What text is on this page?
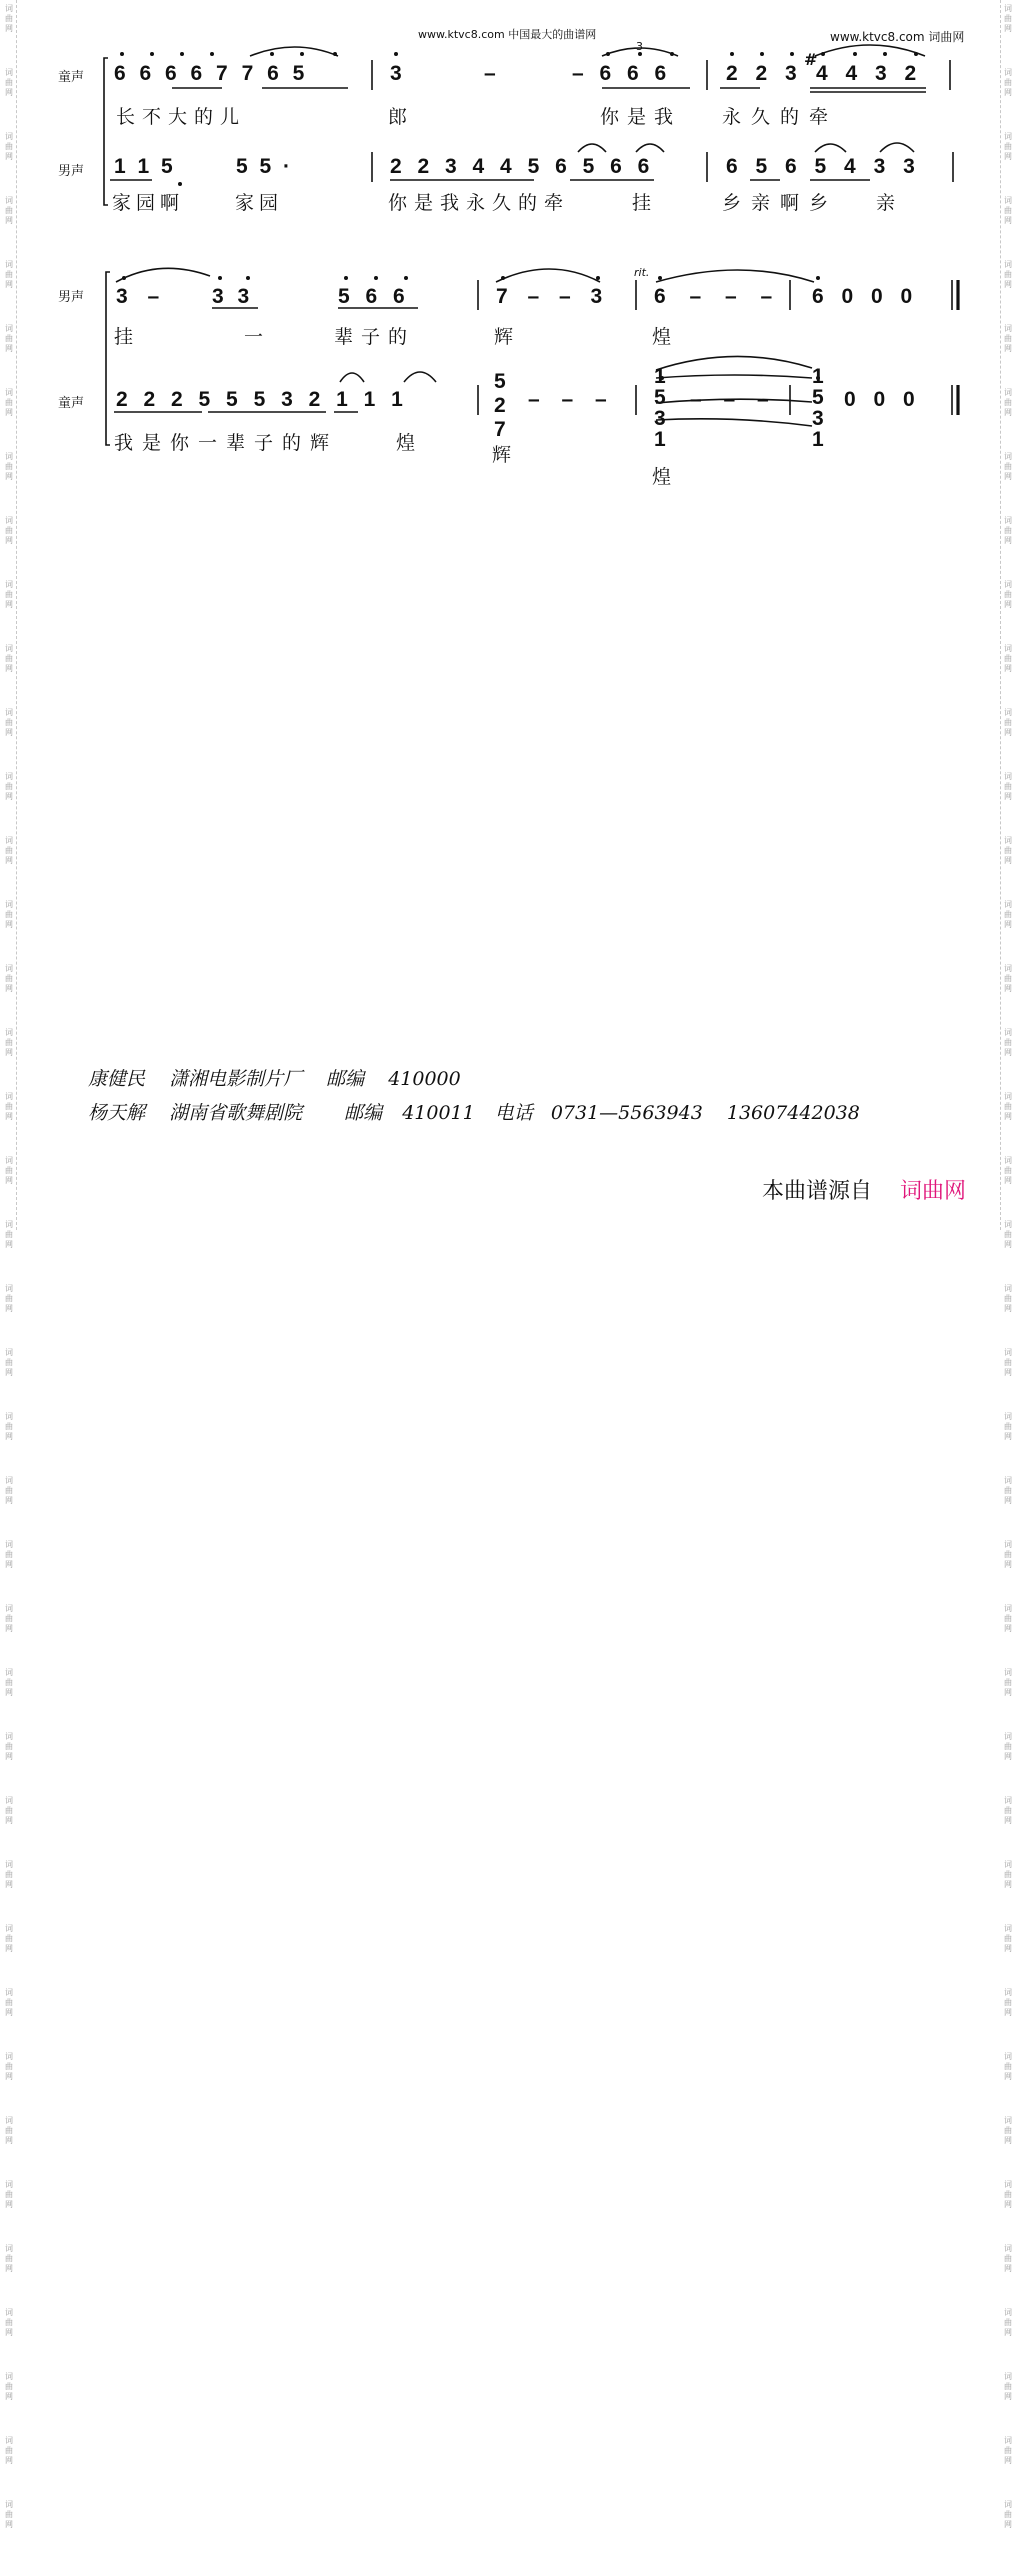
词
曲
网
词
曲
网
词
曲
网
词
曲
网
词
曲
网
词
曲
网
词
曲
网
词
曲
网
词
曲
网
词
曲
网
词
曲
网
词
曲
网
词
曲
网
词
曲
网
词
曲
网
词
曲
网
词
曲
网
词
曲
网
词
曲
网
词
曲
网
词
曲
网
词
曲
网
词
曲
网
词
曲
网
词
曲
网
词
曲
网
词
曲
网
词
曲
网
词
曲
网
词
曲
网
词
曲
网
词
曲
网
词
曲
网
词
曲
网
词
曲
网
词
曲
网
词
曲
网
词
曲
网
词
曲
网
词
曲
网
词
曲
网
词
曲
网
词
曲
网
词
曲
网
词
曲
网
词
曲
网
词
曲
网
词
曲
网
词
曲
网
词
曲
网
词
曲
网
词
曲
网
词
曲
网
词
曲
网
词
曲
网
词
曲
网
词
曲
网
词
曲
网
词
曲
网
词
曲
网
词
曲
网
词
曲
网
词
曲
网
词
曲
网
词
曲
网
词
曲
网
词
曲
网
词
曲
网
词
曲
网
词
曲
网
词
曲
网
词
曲
网
词
曲
网
词
曲
网
词
曲
网
词
曲
网
词
曲
网
词
曲
网
词
曲
网
词
曲
网
www.ktvc8.com 中国最大的曲谱网	www.ktvc8.com 词曲网
童声
男声
3
6 6 6 6 7 7 6 5	3	–	– 6 6 6	2 2 3
#
4 4 3 2
长不大的儿	郎	你是我 永久的牵
1 1 5	5 5 ·	2 2 3 4 4 5 6 5 6 6	6 5 6 5 4 3 3
家园啊	家园	你是我永久的牵	挂	乡亲啊乡 亲
男声
童声
rit.
3 –	3 3	5 6 6	7 – – 3 6 – – – 6 0 0 0
挂	一	辈子的	辉	煌
2 2 2 5 5 5 3 2 1 1 1
5
2
7
– – –
1
5
3
1
– – –
1
5
3
1
0 0 0
我是你一辈子的辉	煌
辉
煌
康健民 潇湘电影制片厂 邮编 410000
杨天解 湖南省歌舞剧院 邮编 410011 电话 0731—5563943 13607442038
本曲谱源自 词曲网
